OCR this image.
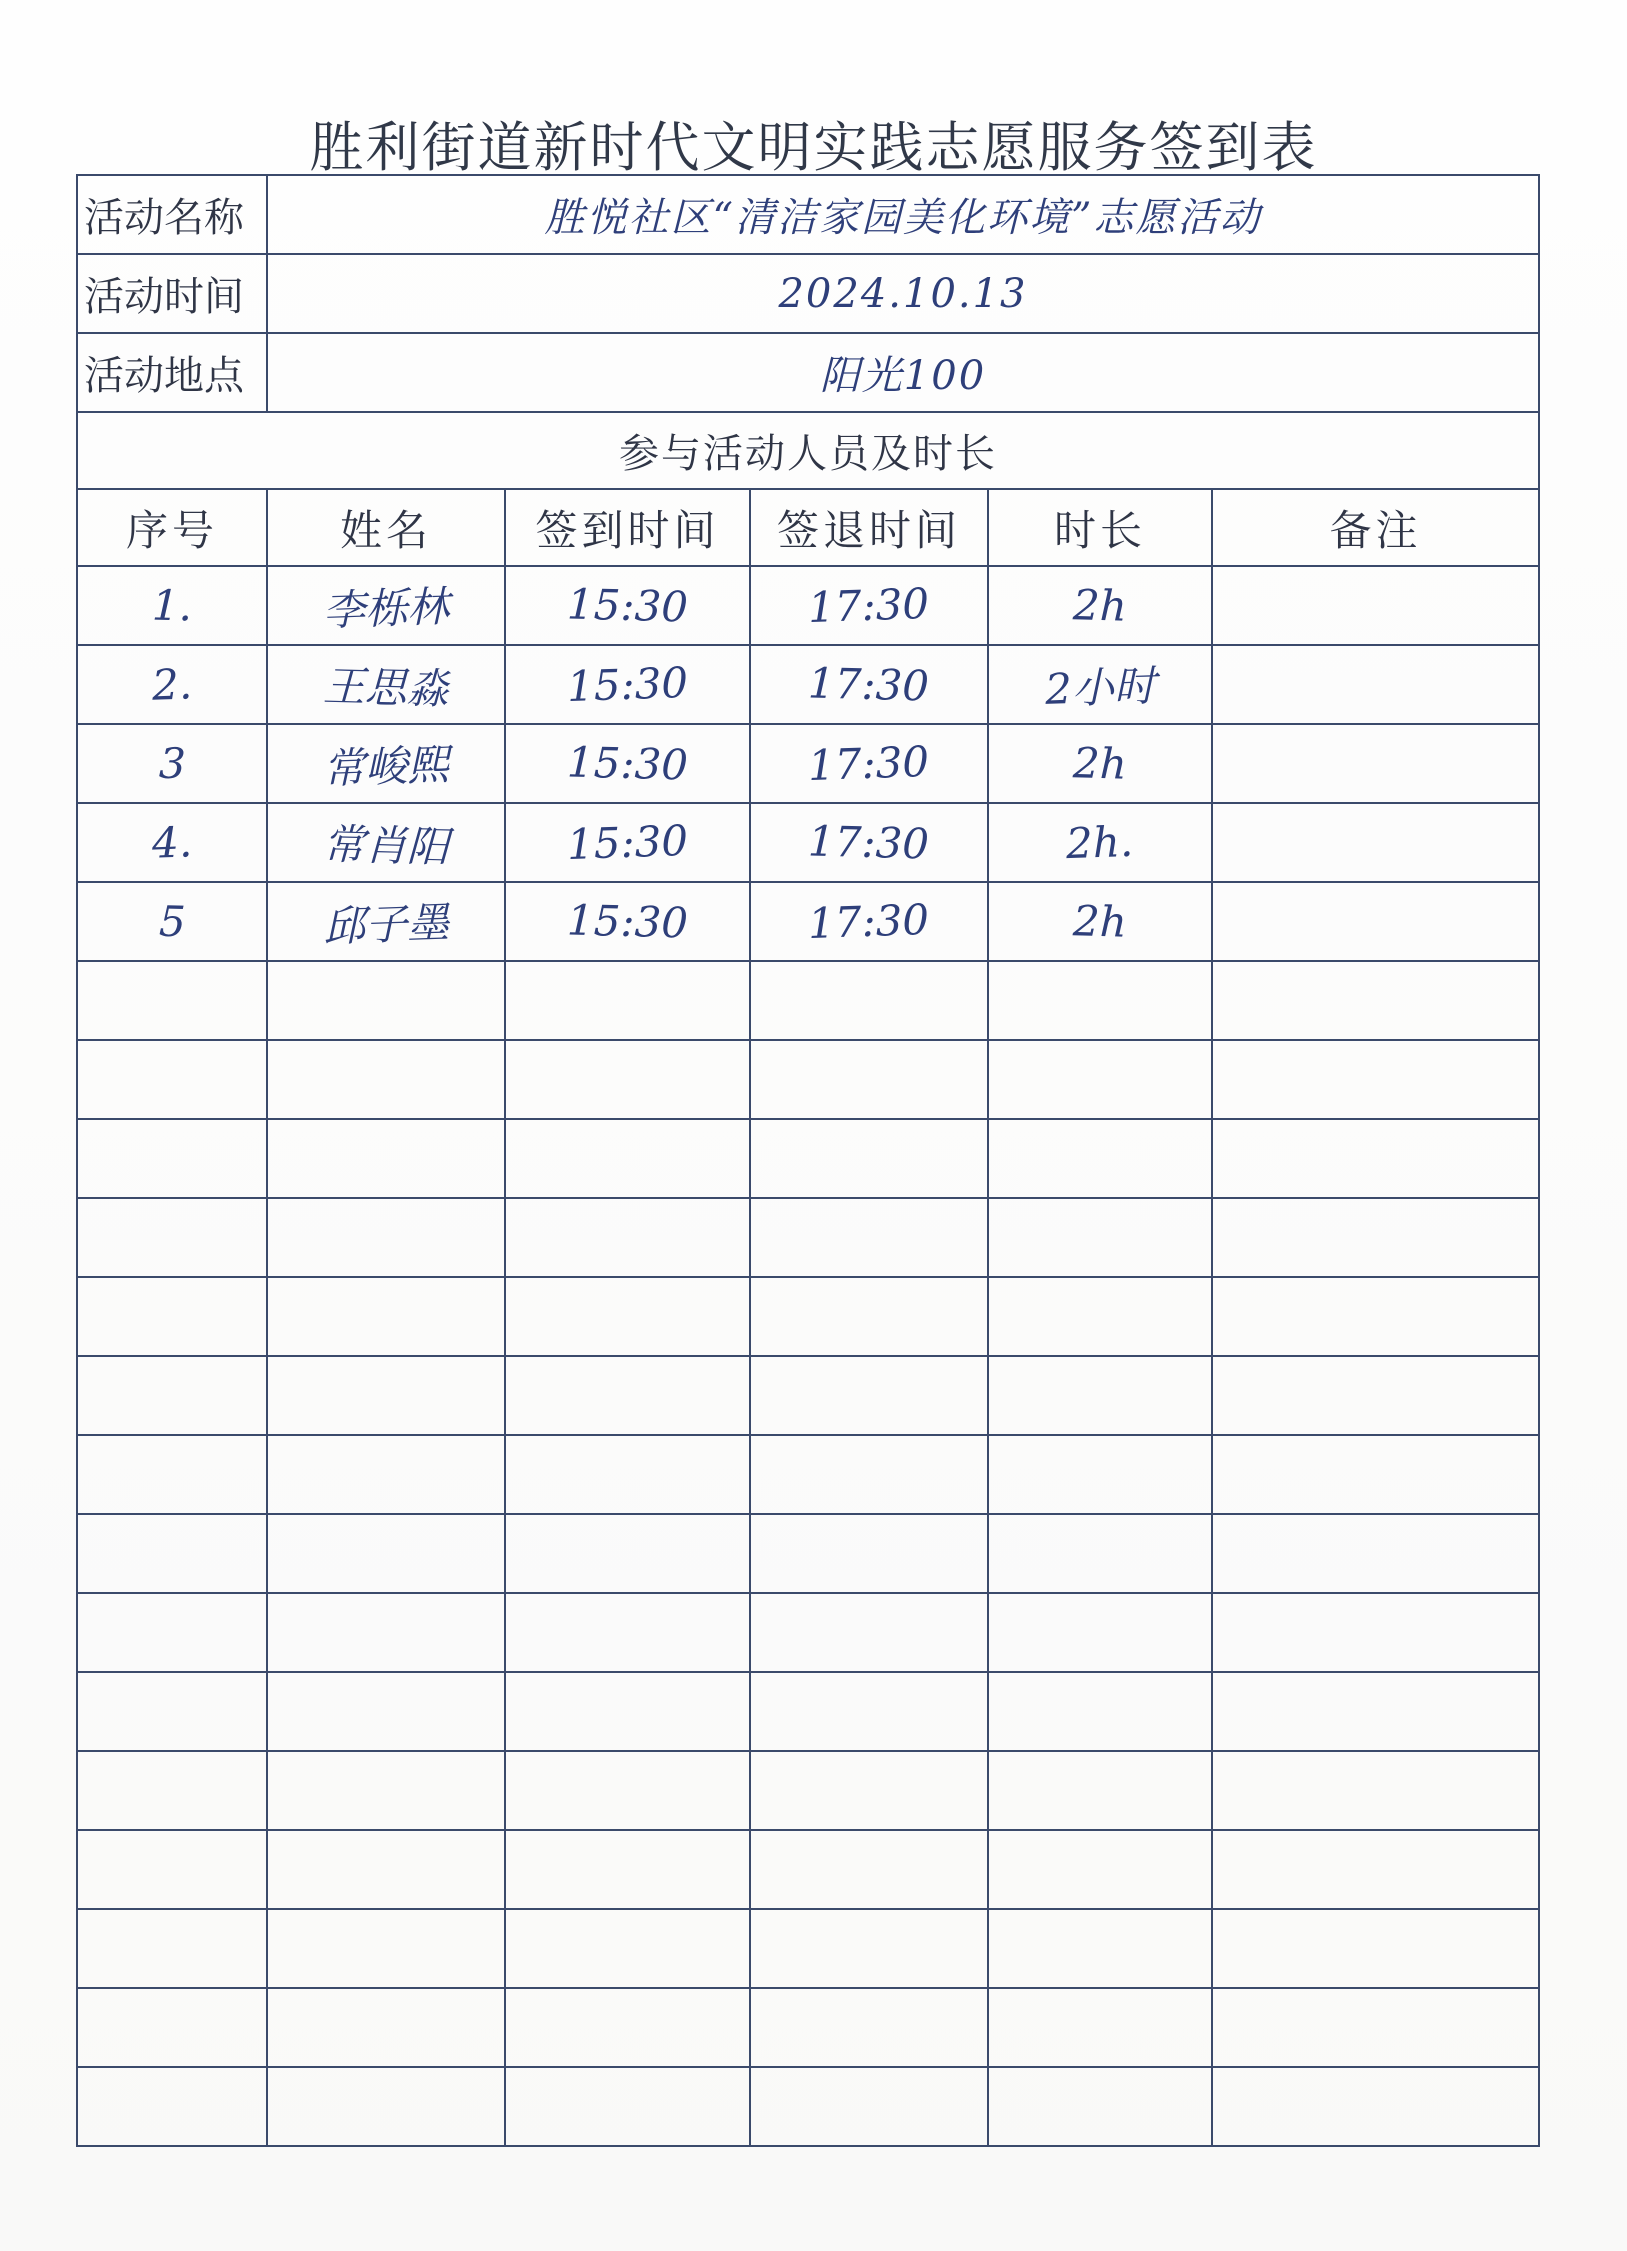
胜利街道新时代文明实践志愿服务签到表
活动名称	胜悦社区“清洁家园美化环境”志愿活动				
活动时间	2024.10.13				
活动地点	阳光100				
参与活动人员及时长					
序号	姓名	签到时间	签退时间	时长	备注
1.	李栎林	15:30	17:30	2h	
2.	王思淼	15:30	17:30	2小时	
3	常峻熙	15:30	17:30	2h	
4.	常肖阳	15:30	17:30	2h.	
5	邱子墨	15:30	17:30	2h	
